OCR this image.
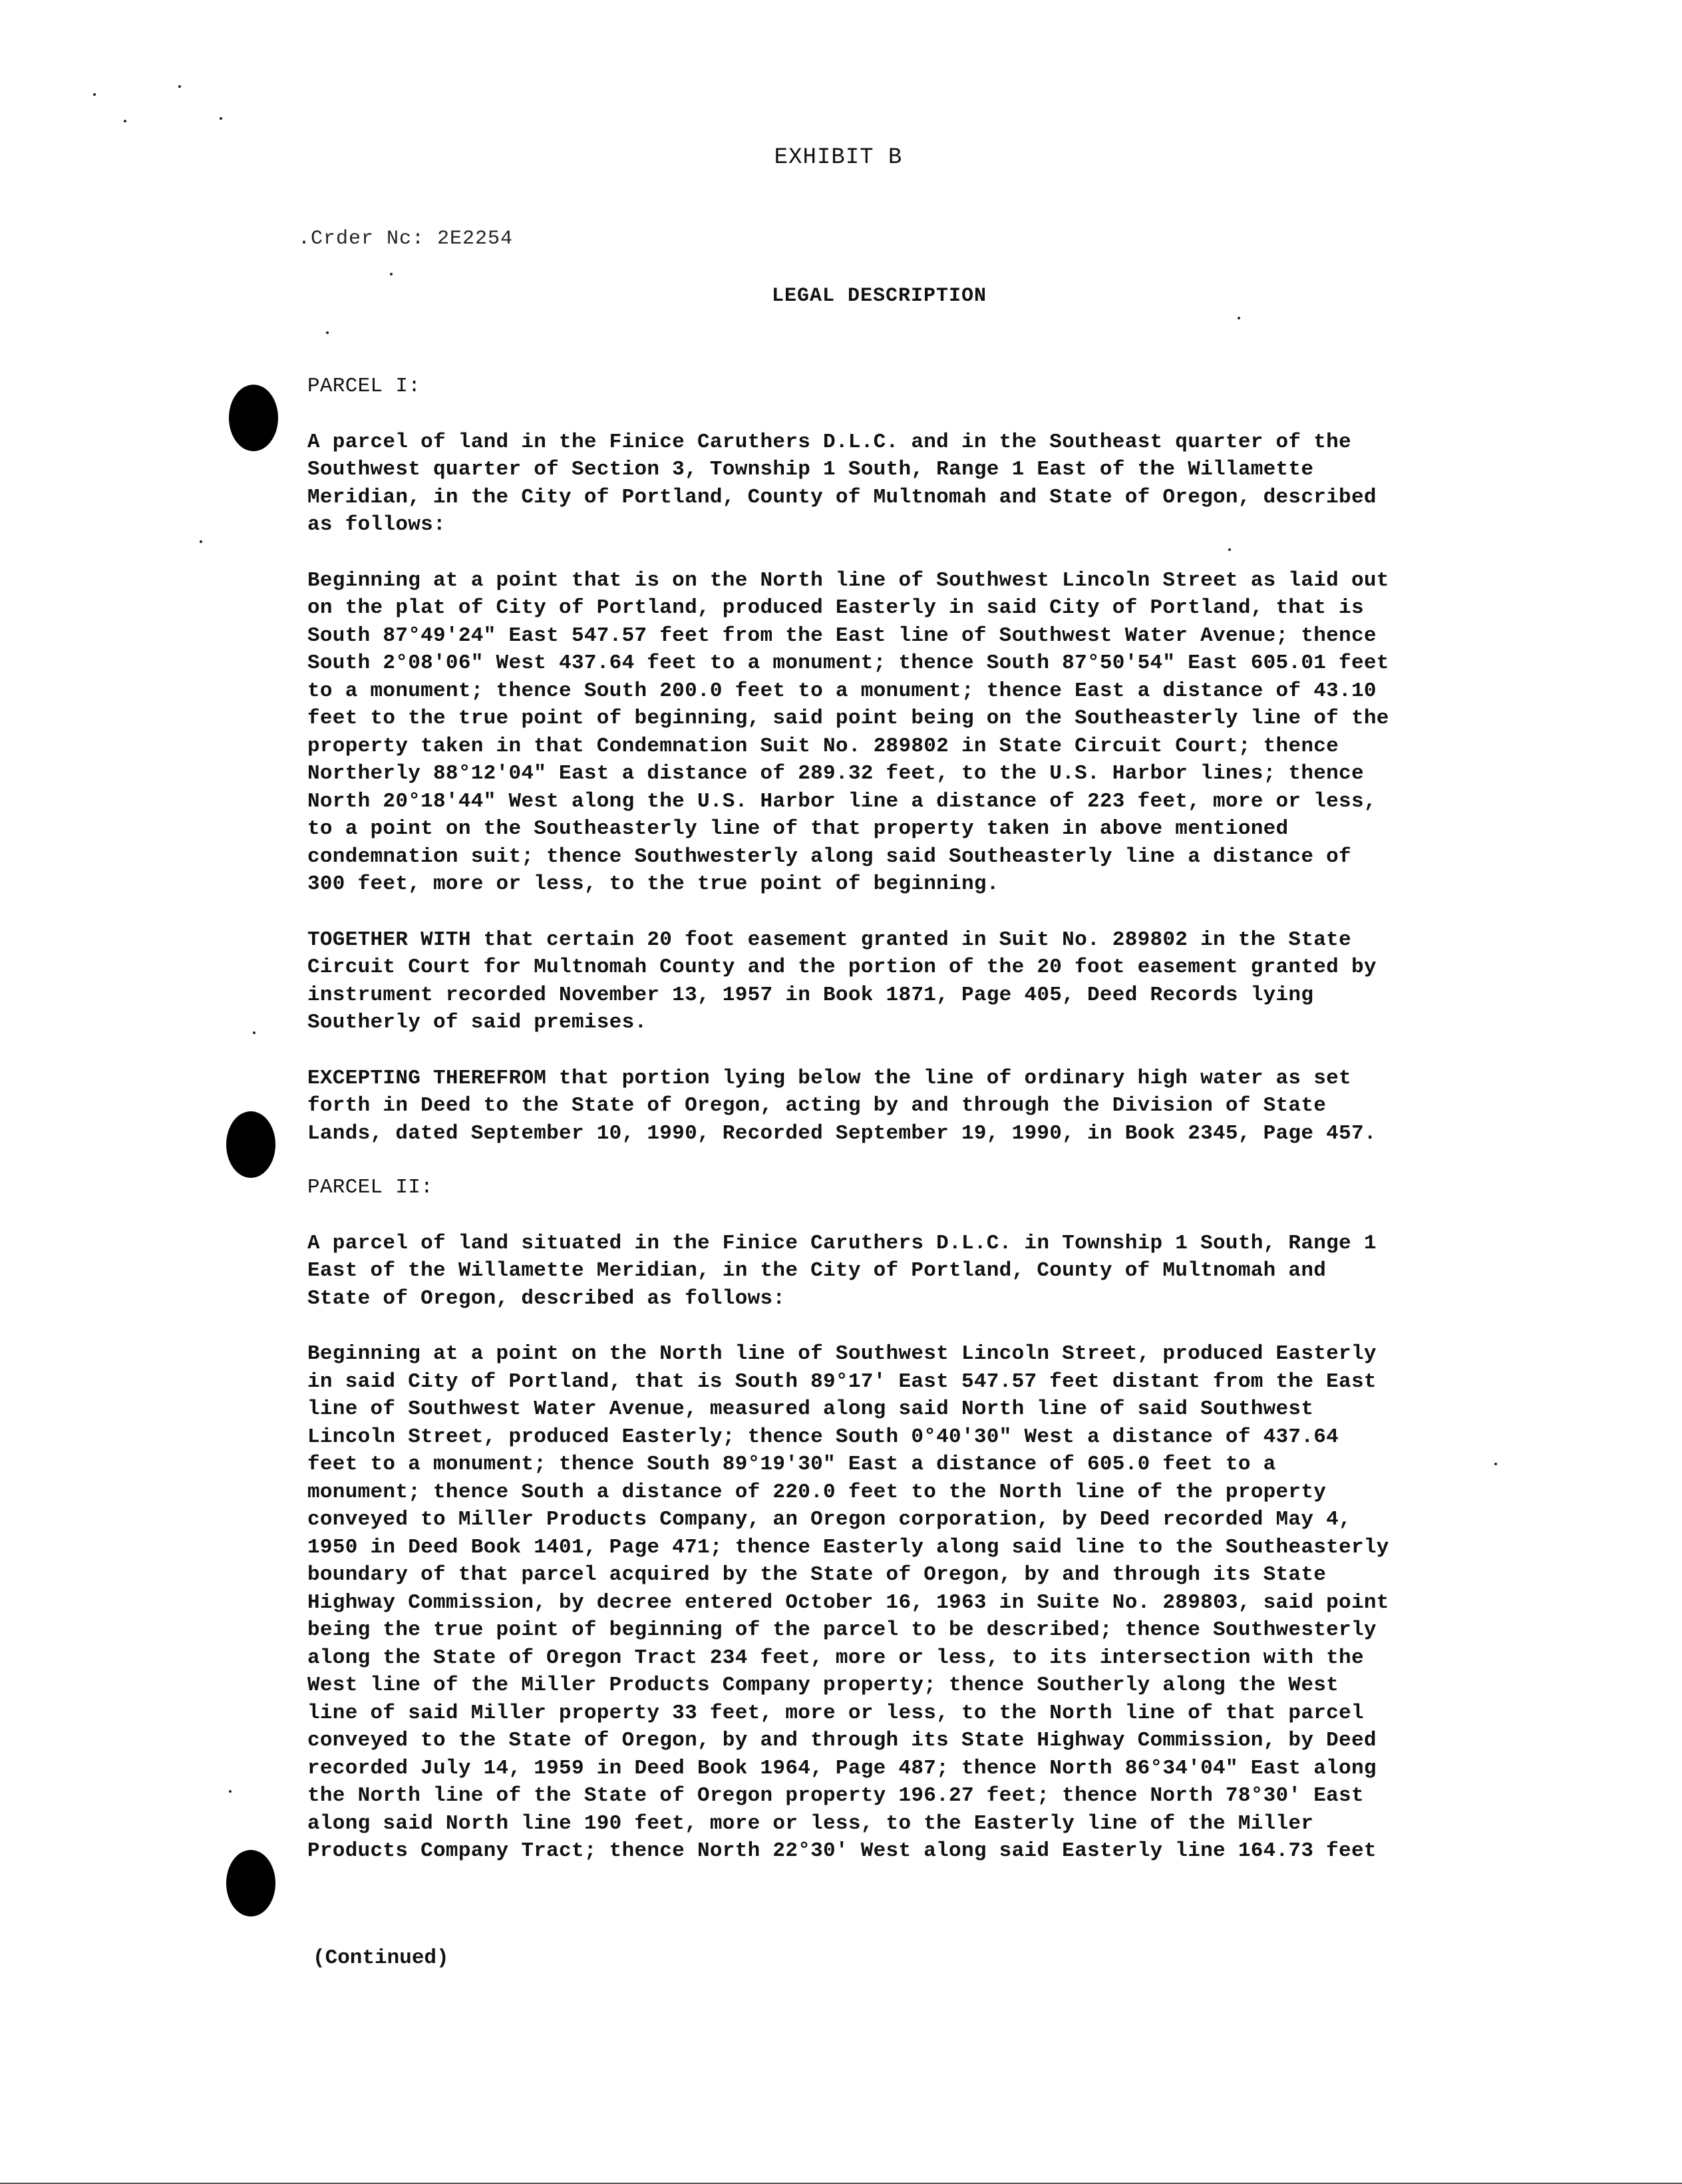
EXHIBIT B
.Crder Nc: 2E2254
LEGAL DESCRIPTION
PARCEL I:
A parcel of land in the Finice Caruthers D.L.C. and in the Southeast quarter of the
Southwest quarter of Section 3, Township 1 South, Range 1 East of the Willamette
Meridian, in the City of Portland, County of Multnomah and State of Oregon, described
as follows:
Beginning at a point that is on the North line of Southwest Lincoln Street as laid out
on the plat of City of Portland, produced Easterly in said City of Portland, that is
South 87°49'24" East 547.57 feet from the East line of Southwest Water Avenue; thence
South 2°08'06" West 437.64 feet to a monument; thence South 87°50'54" East 605.01 feet
to a monument; thence South 200.0 feet to a monument; thence East a distance of 43.10
feet to the true point of beginning, said point being on the Southeasterly line of the
property taken in that Condemnation Suit No. 289802 in State Circuit Court; thence
Northerly 88°12'04" East a distance of 289.32 feet, to the U.S. Harbor lines; thence
North 20°18'44" West along the U.S. Harbor line a distance of 223 feet, more or less,
to a point on the Southeasterly line of that property taken in above mentioned
condemnation suit; thence Southwesterly along said Southeasterly line a distance of
300 feet, more or less, to the true point of beginning.
TOGETHER WITH that certain 20 foot easement granted in Suit No. 289802 in the State
Circuit Court for Multnomah County and the portion of the 20 foot easement granted by
instrument recorded November 13, 1957 in Book 1871, Page 405, Deed Records lying
Southerly of said premises.
EXCEPTING THEREFROM that portion lying below the line of ordinary high water as set
forth in Deed to the State of Oregon, acting by and through the Division of State
Lands, dated September 10, 1990, Recorded September 19, 1990, in Book 2345, Page 457.
PARCEL II:
A parcel of land situated in the Finice Caruthers D.L.C. in Township 1 South, Range 1
East of the Willamette Meridian, in the City of Portland, County of Multnomah and
State of Oregon, described as follows:
Beginning at a point on the North line of Southwest Lincoln Street, produced Easterly
in said City of Portland, that is South 89°17' East 547.57 feet distant from the East
line of Southwest Water Avenue, measured along said North line of said Southwest
Lincoln Street, produced Easterly; thence South 0°40'30" West a distance of 437.64
feet to a monument; thence South 89°19'30" East a distance of 605.0 feet to a
monument; thence South a distance of 220.0 feet to the North line of the property
conveyed to Miller Products Company, an Oregon corporation, by Deed recorded May 4,
1950 in Deed Book 1401, Page 471; thence Easterly along said line to the Southeasterly
boundary of that parcel acquired by the State of Oregon, by and through its State
Highway Commission, by decree entered October 16, 1963 in Suite No. 289803, said point
being the true point of beginning of the parcel to be described; thence Southwesterly
along the State of Oregon Tract 234 feet, more or less, to its intersection with the
West line of the Miller Products Company property; thence Southerly along the West
line of said Miller property 33 feet, more or less, to the North line of that parcel
conveyed to the State of Oregon, by and through its State Highway Commission, by Deed
recorded July 14, 1959 in Deed Book 1964, Page 487; thence North 86°34'04" East along
the North line of the State of Oregon property 196.27 feet; thence North 78°30' East
along said North line 190 feet, more or less, to the Easterly line of the Miller
Products Company Tract; thence North 22°30' West along said Easterly line 164.73 feet
(Continued)
